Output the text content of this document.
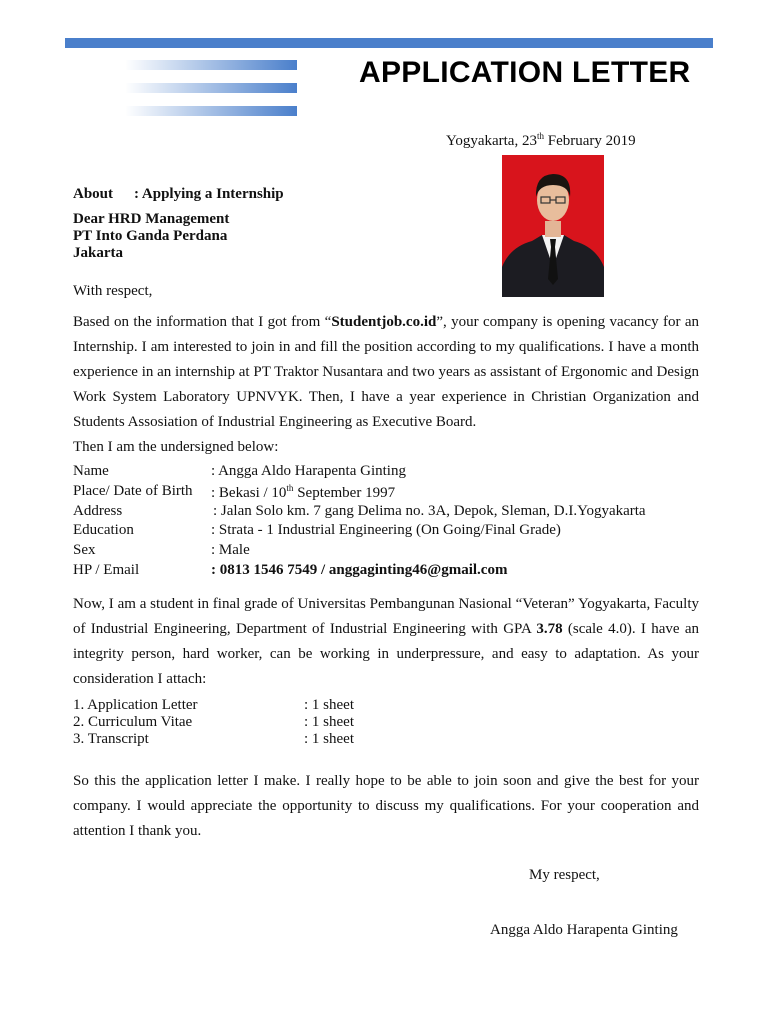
APPLICATION LETTER
Yogyakarta, 23th February 2019
About : Applying a Internship
Dear HRD Management
PT Into Ganda Perdana
Jakarta
With respect,
Based on the information that I got from “Studentjob.co.id”, your company is opening vacancy for an Internship. I am interested to join in and fill the position according to my qualifications. I have a month experience in an internship at PT Traktor Nusantara and two years as assistant of Ergonomic and Design Work System Laboratory UPNVYK. Then, I have a year experience in Christian Organization and Students Assosiation of Industrial Engineering as Executive Board.
Then I am the undersigned below:
Name	: Angga Aldo Harapenta Ginting
Place/ Date of Birth : Bekasi / 10th September 1997
Address	: Jalan Solo km. 7 gang Delima no. 3A, Depok, Sleman, D.I.Yogyakarta
Education	: Strata - 1 Industrial Engineering (On Going/Final Grade)
Sex	: Male
HP / Email	: 0813 1546 7549 / anggaginting46@gmail.com
Now, I am a student in final grade of Universitas Pembangunan Nasional “Veteran” Yogyakarta, Faculty of Industrial Engineering, Department of Industrial Engineering with GPA 3.78 (scale 4.0). I have an integrity person, hard worker, can be working in underpressure, and easy to adaptation. As your consideration I attach:
1. Application Letter	: 1 sheet
2. Curriculum Vitae	: 1 sheet
3. Transcript	: 1 sheet
So this the application letter I make. I really hope to be able to join soon and give the best for your company. I would appreciate the opportunity to discuss my qualifications. For your cooperation and attention I thank you.
My respect,
Angga Aldo Harapenta Ginting
